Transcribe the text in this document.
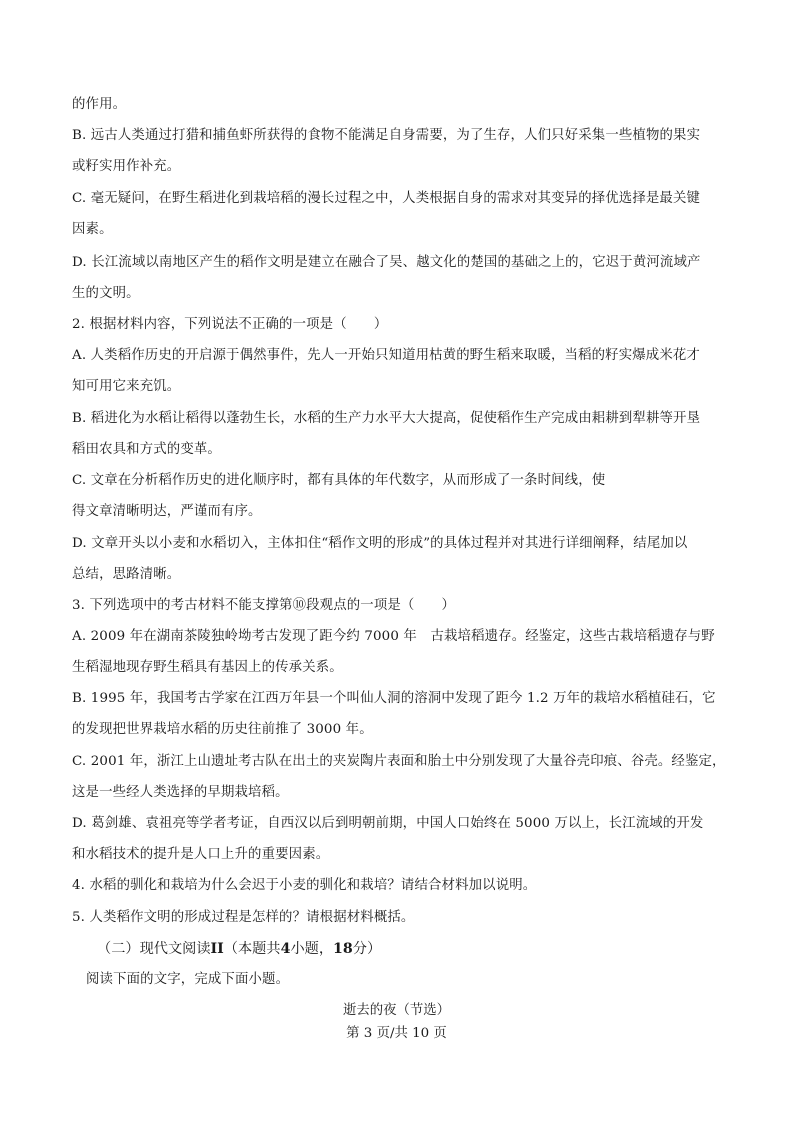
的作用。
B. 远古人类通过打猎和捕鱼虾所获得的食物不能满足自身需要，为了生存，人们只好采集一些植物的果实
或籽实用作补充。
C. 毫无疑问，在野生稻进化到栽培稻的漫长过程之中，人类根据自身的需求对其变异的择优选择是最关键
因素。
D. 长江流域以南地区产生的稻作文明是建立在融合了吴、越文化的楚国的基础之上的，它迟于黄河流域产
生的文明。
2. 根据材料内容，下列说法不正确的一项是（　　）
A. 人类稻作历史的开启源于偶然事件，先人一开始只知道用枯黄的野生稻来取暖，当稻的籽实爆成米花才
知可用它来充饥。
B. 稻进化为水稻让稻得以蓬勃生长，水稻的生产力水平大大提高，促使稻作生产完成由耜耕到犁耕等开垦
稻田农具和方式的变革。
C. 文章在分析稻作历史的进化顺序时，都有具体的年代数字，从而形成了一条时间线，使
得文章清晰明达，严谨而有序。
D. 文章开头以小麦和水稻切入，主体扣住“稻作文明的形成”的具体过程并对其进行详细阐释，结尾加以
总结，思路清晰。
3. 下列选项中的考古材料不能支撑第⑩段观点的一项是（　　）
A. 2009 年在湖南茶陵独岭坳考古发现了距今约 7000 年　古栽培稻遗存。经鉴定，这些古栽培稻遗存与野
生稻湿地现存野生稻具有基因上的传承关系。
B. 1995 年，我国考古学家在江西万年县一个叫仙人洞的溶洞中发现了距今 1.2 万年的栽培水稻植硅石，它
的发现把世界栽培水稻的历史往前推了 3000 年。
C. 2001 年，浙江上山遗址考古队在出土的夹炭陶片表面和胎土中分别发现了大量谷壳印痕、谷壳。经鉴定，
这是一些经人类选择的早期栽培稻。
D. 葛剑雄、袁祖亮等学者考证，自西汉以后到明朝前期，中国人口始终在 5000 万以上，长江流域的开发
和水稻技术的提升是人口上升的重要因素。
4. 水稻的驯化和栽培为什么会迟于小麦的驯化和栽培？请结合材料加以说明。
5. 人类稻作文明的形成过程是怎样的？请根据材料概括。
（二）现代文阅读II（本题共4小题，18分）
阅读下面的文字，完成下面小题。
逝去的夜（节选）
第 3 页/共 10 页
